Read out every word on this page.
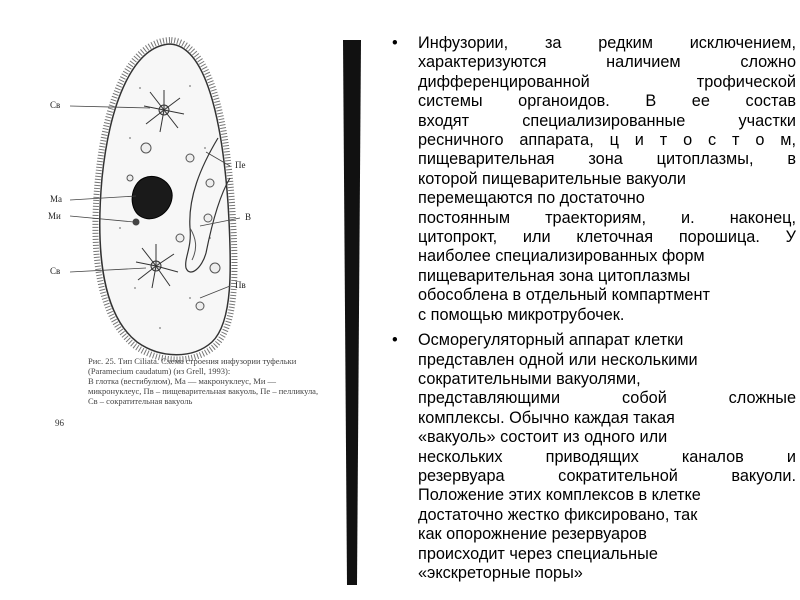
Св
Пе
Ма
Ми	В
Св
Пв
Рис. 25. Тип Ciliata. Схема строения инфузории туфельки
(Paramecium caudatum) (из Grell, 1993):
В глотка (вестибулюм), Ма — макронуклеус, Ми —
микронуклеус, Пв – пищеварительная вакуоль, Пе – пелликула,
Св – сократительная вакуоль
96
• Инфузории, за редким исключением,
характеризуются наличием сложно
дифференцированной трофической
системы органоидов. В ее состав
входят специализированные участки
ресничного аппарата, ц и т о с т о м,
пищеварительная зона цитоплазмы, в
которой пищеварительные вакуоли
перемещаются по достаточно
постоянным траекториям, и. наконец,
цитопрокт, или клеточная порошица. У
наиболее специализированных форм
пищеварительная зона цитоплазмы
обособлена в отдельный компартмент
с помощью микротрубочек.
• Осморегуляторный аппарат клетки
представлен одной или несколькими
сократительными вакуолями,
представляющими собой сложные
комплексы. Обычно каждая такая
«вакуоль» состоит из одного или
нескольких приводящих каналов и
резервуара сократительной вакуоли.
Положение этих комплексов в клетке
достаточно жестко фиксировано, так
как опорожнение резервуаров
происходит через специальные
«экскреторные поры»
